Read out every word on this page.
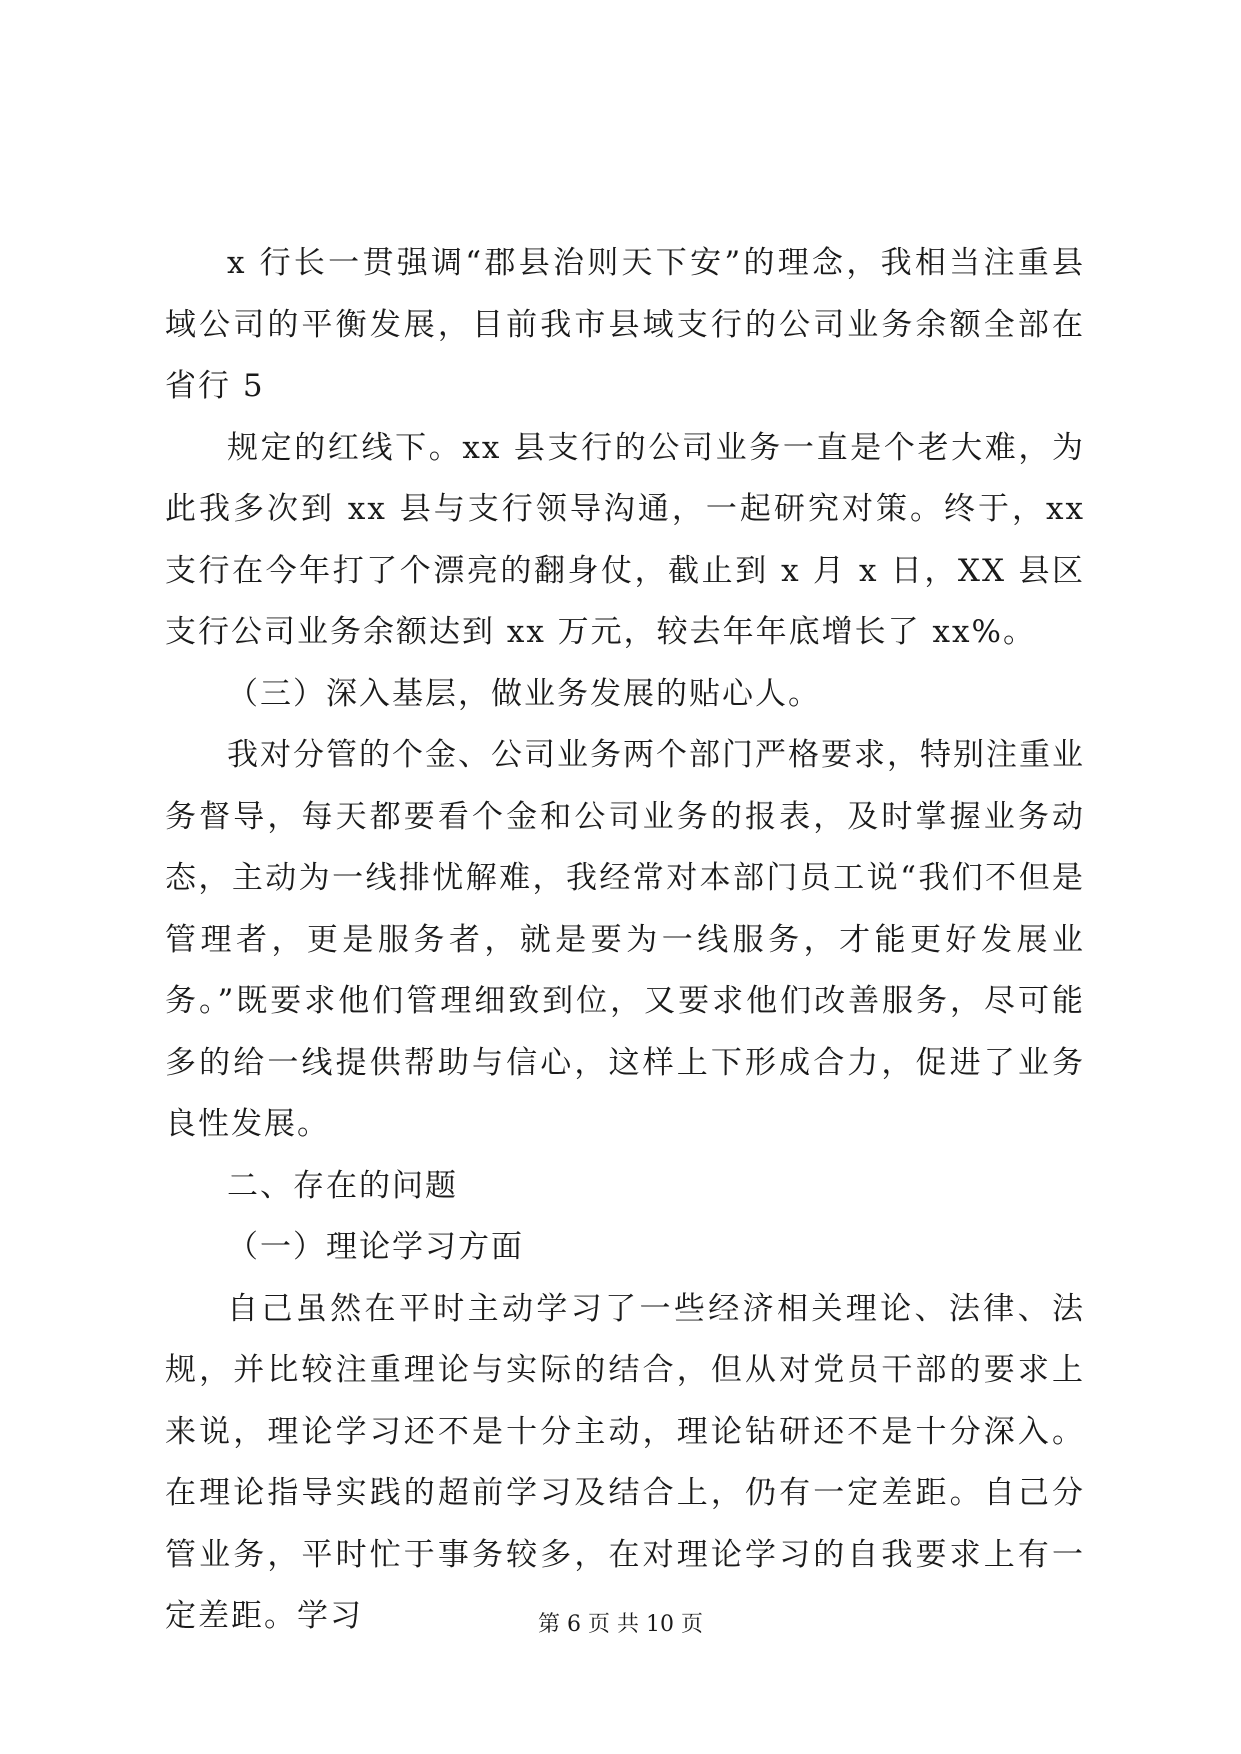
x 行长一贯强调“郡县治则天下安”的理念，我相当注重县域公司的平衡发展，目前我市县域支行的公司业务余额全部在省行 5

规定的红线下。xx 县支行的公司业务一直是个老大难，为此我多次到 xx 县与支行领导沟通，一起研究对策。终于，xx 支行在今年打了个漂亮的翻身仗，截止到 x 月 x 日，XX 县区支行公司业务余额达到 xx 万元，较去年年底增长了 xx%。

（三）深入基层，做业务发展的贴心人。

我对分管的个金、公司业务两个部门严格要求，特别注重业务督导，每天都要看个金和公司业务的报表，及时掌握业务动态，主动为一线排忧解难，我经常对本部门员工说“我们不但是管理者，更是服务者，就是要为一线服务，才能更好发展业务。”既要求他们管理细致到位，又要求他们改善服务，尽可能多的给一线提供帮助与信心，这样上下形成合力，促进了业务良性发展。

二、存在的问题

（一）理论学习方面

自己虽然在平时主动学习了一些经济相关理论、法律、法规，并比较注重理论与实际的结合，但从对党员干部的要求上来说，理论学习还不是十分主动，理论钻研还不是十分深入。在理论指导实践的超前学习及结合上，仍有一定差距。自己分管业务，平时忙于事务较多，在对理论学习的自我要求上有一定差距。学习	第 6 页 共 10 页
